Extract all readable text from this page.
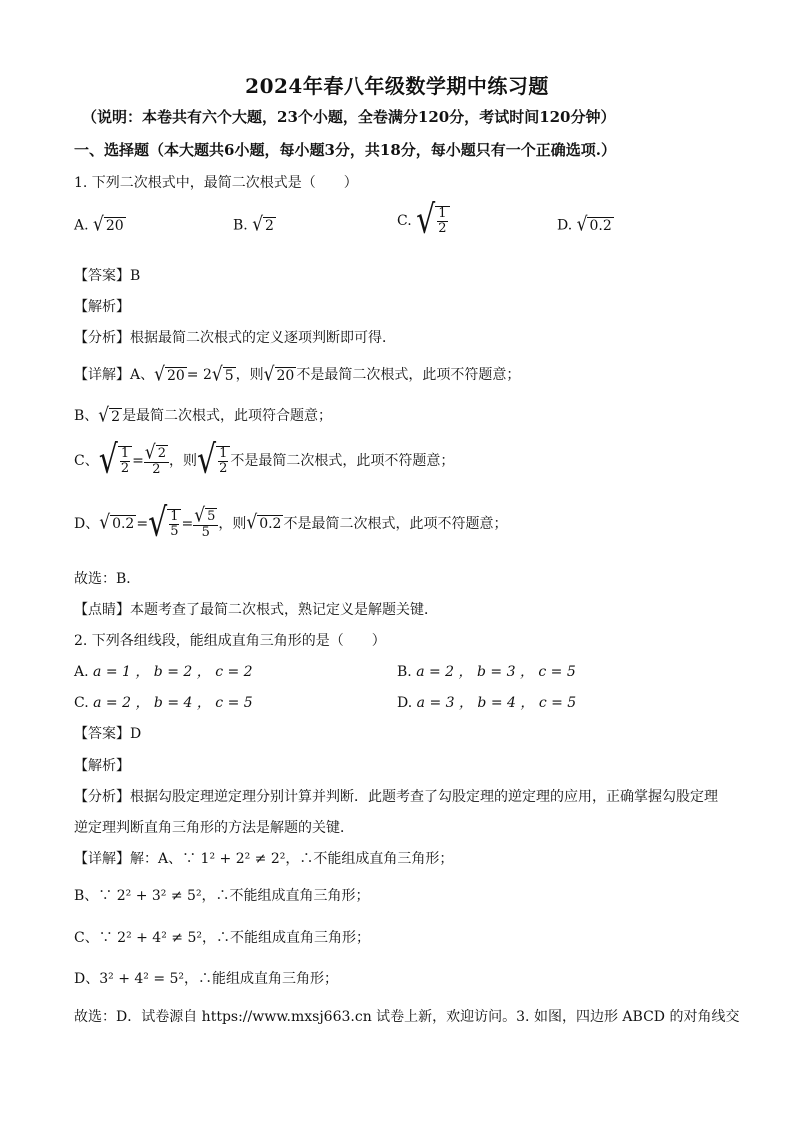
2024年春八年级数学期中练习题
（说明：本卷共有六个大题，23个小题，全卷满分120分，考试时间120分钟）
一、选择题（本大题共6小题，每小题3分，共18分，每小题只有一个正确选项.）
1. 下列二次根式中，最简二次根式是（　　）
A. √ 20	B. √ 2	C. √ $\frac{1}{2}$	D. √ 0.2
【答案】B
【解析】
【分析】根据最简二次根式的定义逐项判断即可得．
【详解】A、 √ 20 = 2 √ 5 ，则 √ 20 不是最简二次根式，此项不符题意；
B、 √ 2 是最简二次根式，此项符合题意；
C、 √ $\frac{1}{2} = \frac{√ 2}{2}$ ，则 √ $\frac{1}{2}$ 不是最简二次根式，此项不符题意；
D、 √ 0.2 = √ $\frac{1}{5} = \frac{√ 5}{5}$ ，则 √ 0.2 不是最简二次根式，此项不符题意；
故选：B．
【点睛】本题考查了最简二次根式，熟记定义是解题关键．
2. 下列各组线段，能组成直角三角形的是（　　）
A. a = 1 ， b = 2 ， c = 2	B. a = 2 ， b = 3 ， c = 5
C. a = 2 ， b = 4 ， c = 5	D. a = 3 ， b = 4 ， c = 5
【答案】D
【解析】
【分析】根据勾股定理逆定理分别计算并判断．此题考查了勾股定理的逆定理的应用，正确掌握勾股定理
逆定理判断直角三角形的方法是解题的关键．
【详解】解：A、∵ 1² + 2² ≠ 2²，∴不能组成直角三角形；
B、∵ 2² + 3² ≠ 5²，∴不能组成直角三角形；
C、∵ 2² + 4² ≠ 5²，∴不能组成直角三角形；
D、3² + 4² = 5²，∴能组成直角三角形；
故选：D．试卷源自 https://www.mxsj663.cn 试卷上新，欢迎访问。3. 如图，四边形 ABCD 的对角线交
